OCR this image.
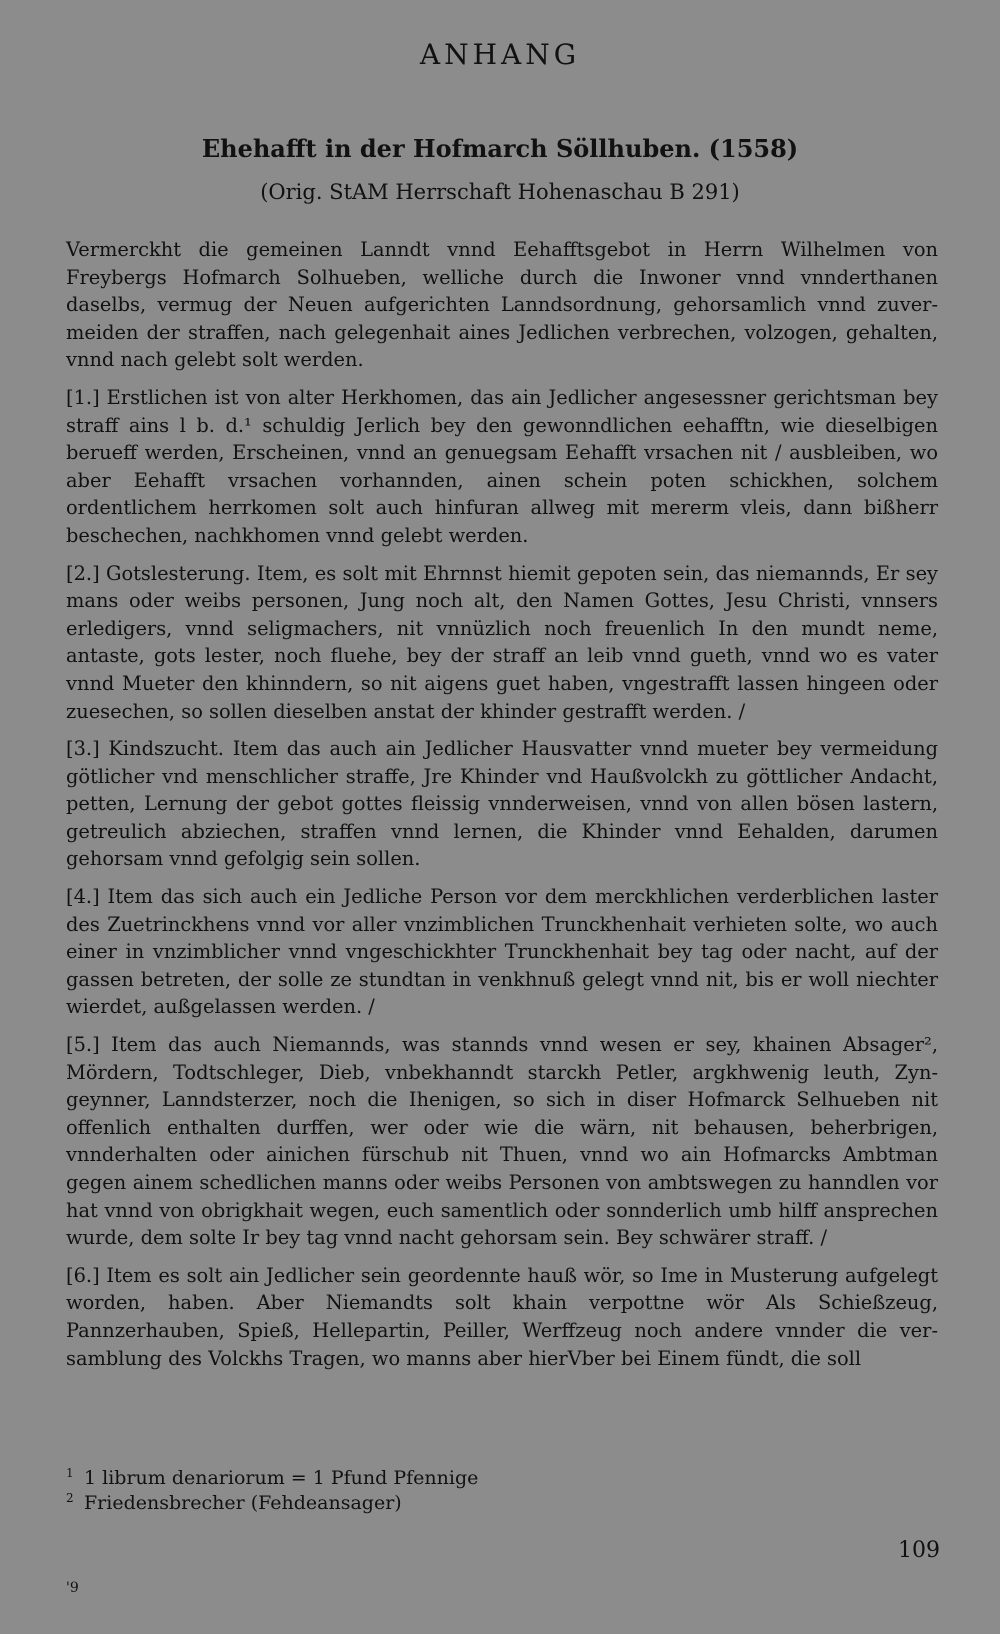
ANHANG
Ehehafft in der Hofmarch Söllhuben. (1558)
(Orig. StAM Herrschaft Hohenaschau B 291)

Vermerckht die gemeinen Lanndt vnnd Eehafftsgebot in Herrn Wilhelmen von Freybergs Hofmarch Solhueben, welliche durch die Inwoner vnnd vnnderthanen daselbs, vermug der Neuen aufgerichten Lanndsordnung, gehorsamlich vnnd zuvermeiden der straffen, nach gelegenhait aines Jedlichen verbrechen, volzogen, gehalten, vnnd nach gelebt solt werden.

[1.] Erstlichen ist von alter Herkhomen, das ain Jedlicher angesessner gerichtsman bey straff ains l b. d.¹ schuldig Jerlich bey den gewonndlichen eehafftn, wie dieselbigen berueff werden, Erscheinen, vnnd an genuegsam Eehafft vrsachen nit / ausbleiben, wo aber Eehafft vrsachen vorhannden, ainen schein poten schickhen, solchem ordentlichem herrkomen solt auch hinfuran allweg mit mererm vleis, dann bißherr beschechen, nachkhomen vnnd gelebt werden.

[2.] Gotslesterung. Item, es solt mit Ehrnnst hiemit gepoten sein, das niemannds, Er sey mans oder weibs personen, Jung noch alt, den Namen Gottes, Jesu Christi, vnnsers erledigers, vnnd seligmachers, nit vnnüzlich noch freuenlich In den mundt neme, antaste, gots lester, noch fluehe, bey der straff an leib vnnd gueth, vnnd wo es vater vnnd Mueter den khinndern, so nit aigens guet haben, vngestrafft lassen hingeen oder zuesechen, so sollen dieselben anstat der khinder gestrafft werden. /

[3.] Kindszucht. Item das auch ain Jedlicher Hausvatter vnnd mueter bey vermeidung götlicher vnd menschlicher straffe, Jre Khinder vnd Haußvolckh zu göttlicher Andacht, petten, Lernung der gebot gottes fleissig vnnderweisen, vnnd von allen bösen lastern, getreulich abziechen, straffen vnnd lernen, die Khinder vnnd Eehalden, darumen gehorsam vnnd gefolgig sein sollen.

[4.] Item das sich auch ein Jedliche Person vor dem merckhlichen verderblichen laster des Zuetrinckhens vnnd vor aller vnzimblichen Trunckhenhait verhieten solte, wo auch einer in vnzimblicher vnnd vngeschickhter Trunckhenhait bey tag oder nacht, auf der gassen betreten, der solle ze stundtan in venkhnuß gelegt vnnd nit, bis er woll niechter wierdet, außgelassen werden. /

[5.] Item das auch Niemannds, was stannds vnnd wesen er sey, khainen Absager², Mördern, Todtschleger, Dieb, vnbekhanndt starckh Petler, argkhwenig leuth, Zyngeynner, Lanndsterzer, noch die Ihenigen, so sich in diser Hofmarck Selhueben nit offenlich enthalten durffen, wer oder wie die wärn, nit behausen, beherbrigen, vnnderhalten oder ainichen fürschub nit Thuen, vnnd wo ain Hofmarcks Ambtman gegen ainem schedlichen manns oder weibs Personen von ambtswegen zu hanndlen vor hat vnnd von obrigkhait wegen, euch samentlich oder sonnderlich umb hilff ansprechen wurde, dem solte Ir bey tag vnnd nacht gehorsam sein. Bey schwärer straff. /

[6.] Item es solt ain Jedlicher sein geordennte hauß wör, so Ime in Musterung aufgelegt worden, haben. Aber Niemandts solt khain verpottne wör Als Schießzeug, Pannzerhauben, Spieß, Hellepartin, Peiller, Werffzeug noch andere vnnder die versamblung des Volckhs Tragen, wo manns aber hierVber bei Einem fündt, die soll

1 1 librum denariorum = 1 Pfund Pfennige

2 Friedensbrecher (Fehdeansager)

109
'9
